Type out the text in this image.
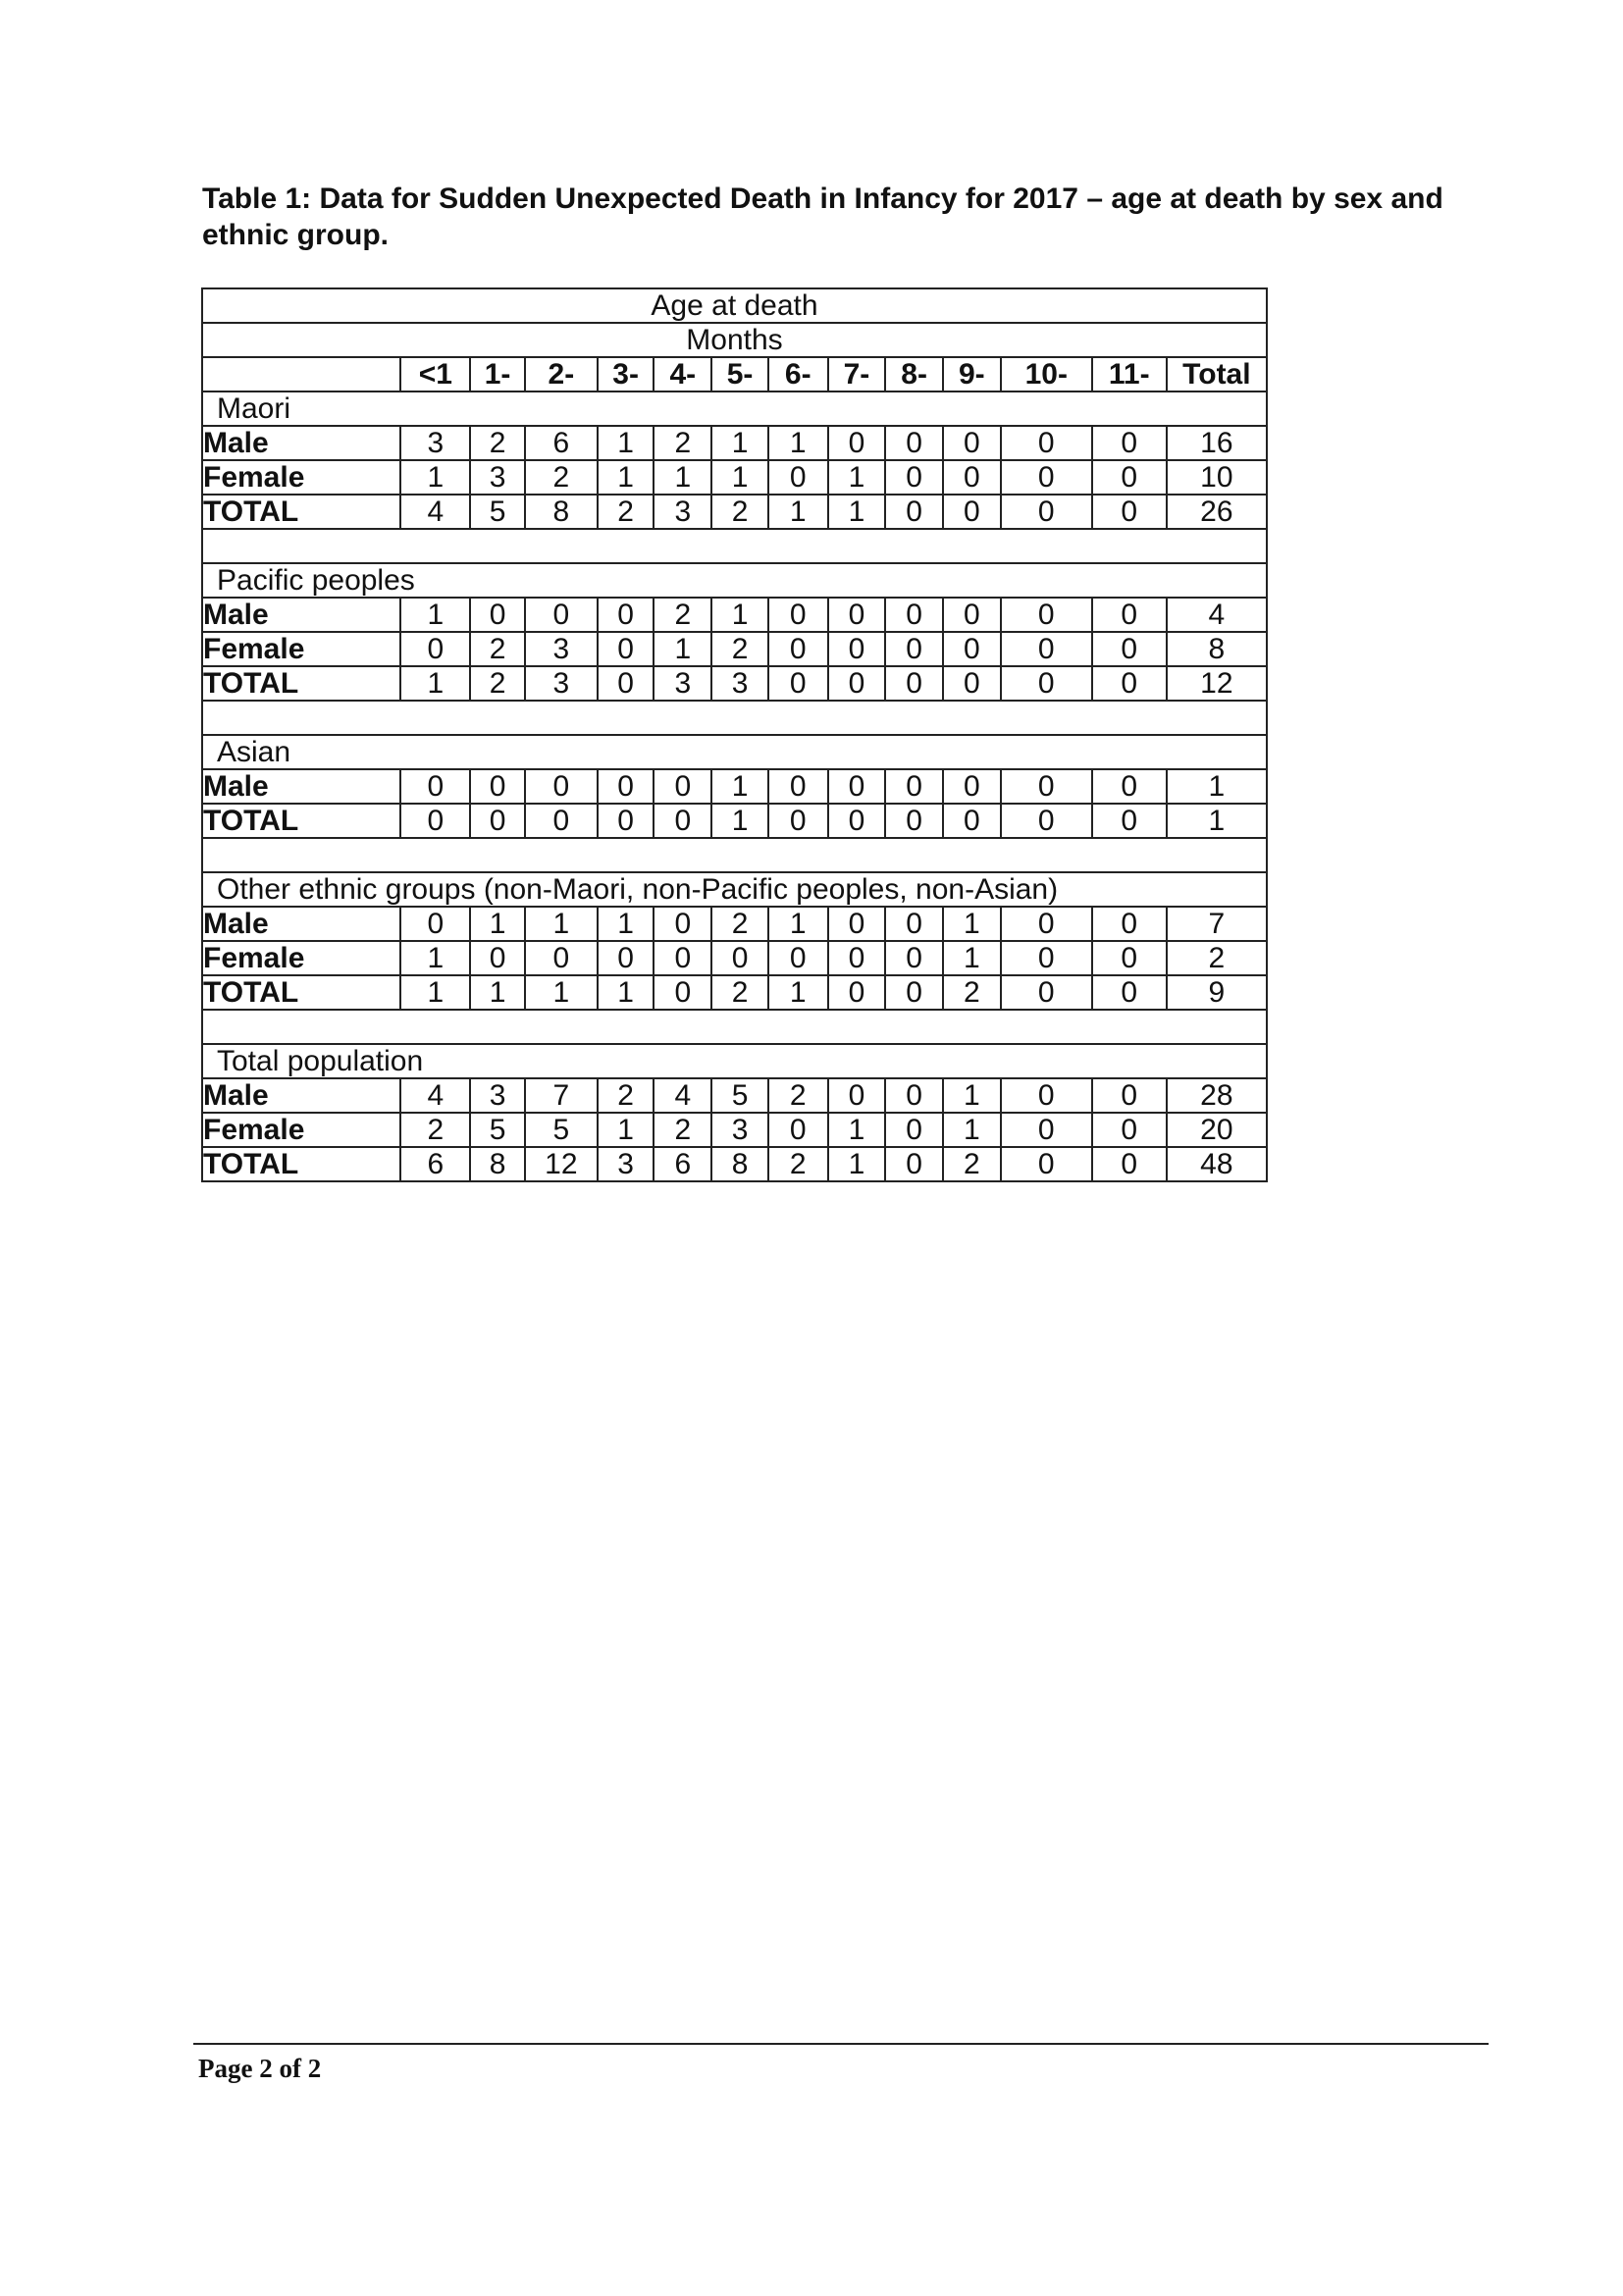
Table 1: Data for Sudden Unexpected Death in Infancy for 2017 – age at death by sex and ethnic group.
Age at death													
Months													
	<1	1-	2-	3-	4-	5-	6-	7-	8-	9-	10-	11-	Total
Maori													
Male	3	2	6	1	2	1	1	0	0	0	0	0	16
Female	1	3	2	1	1	1	0	1	0	0	0	0	10
TOTAL	4	5	8	2	3	2	1	1	0	0	0	0	26

Pacific peoples													
Male	1	0	0	0	2	1	0	0	0	0	0	0	4
Female	0	2	3	0	1	2	0	0	0	0	0	0	8
TOTAL	1	2	3	0	3	3	0	0	0	0	0	0	12

Asian													
Male	0	0	0	0	0	1	0	0	0	0	0	0	1
TOTAL	0	0	0	0	0	1	0	0	0	0	0	0	1

Other ethnic groups (non-Maori, non-Pacific peoples, non-Asian)													
Male	0	1	1	1	0	2	1	0	0	1	0	0	7
Female	1	0	0	0	0	0	0	0	0	1	0	0	2
TOTAL	1	1	1	1	0	2	1	0	0	2	0	0	9

Total population													
Male	4	3	7	2	4	5	2	0	0	1	0	0	28
Female	2	5	5	1	2	3	0	1	0	1	0	0	20
TOTAL	6	8	12	3	6	8	2	1	0	2	0	0	48
Page 2 of 2
